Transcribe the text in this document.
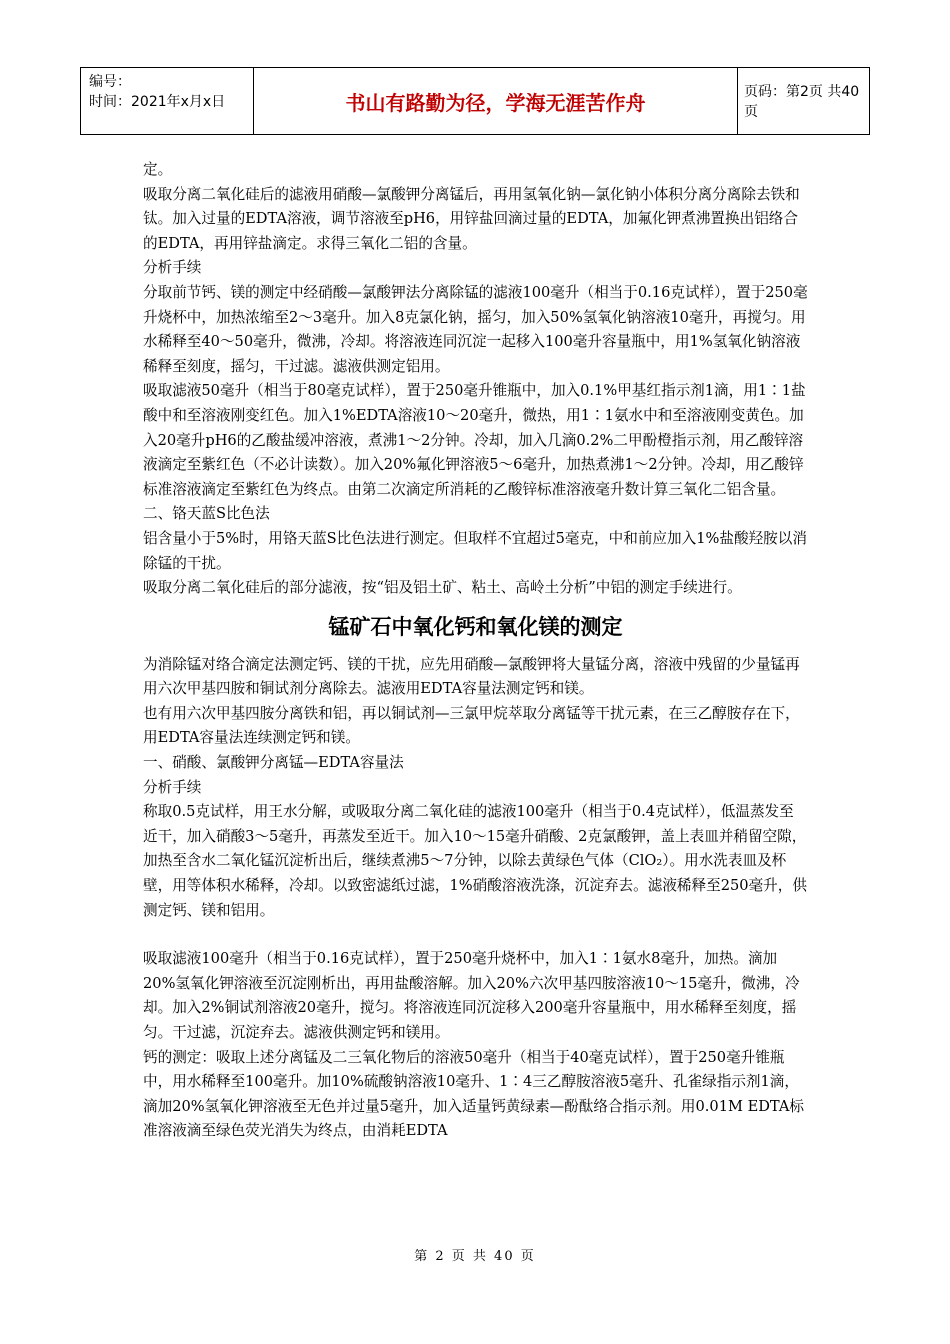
编号：
时间：2021年x月x日	书山有路勤为径，学海无涯苦作舟	页码：第2页 共40页

定。

吸取分离二氧化硅后的滤液用硝酸—氯酸钾分离锰后，再用氢氧化钠—氯化钠小体积分离分离除去铁和钛。加入过量的EDTA溶液，调节溶液至pH6，用锌盐回滴过量的EDTA，加氟化钾煮沸置换出铝络合的EDTA，再用锌盐滴定。求得三氧化二铝的含量。

分析手续

分取前节钙、镁的测定中经硝酸—氯酸钾法分离除锰的滤液100毫升（相当于0.16克试样），置于250毫升烧杯中，加热浓缩至2～3毫升。加入8克氯化钠，摇匀，加入50%氢氧化钠溶液10毫升，再搅匀。用水稀释至40～50毫升，微沸，冷却。将溶液连同沉淀一起移入100毫升容量瓶中，用1%氢氧化钠溶液稀释至刻度，摇匀，干过滤。滤液供测定铝用。

吸取滤液50毫升（相当于80毫克试样），置于250毫升锥瓶中，加入0.1%甲基红指示剂1滴，用1∶1盐酸中和至溶液刚变红色。加入1%EDTA溶液10～20毫升，微热，用1∶1氨水中和至溶液刚变黄色。加入20毫升pH6的乙酸盐缓冲溶液，煮沸1～2分钟。冷却，加入几滴0.2%二甲酚橙指示剂，用乙酸锌溶液滴定至紫红色（不必计读数）。加入20%氟化钾溶液5～6毫升，加热煮沸1～2分钟。冷却，用乙酸锌标准溶液滴定至紫红色为终点。由第二次滴定所消耗的乙酸锌标准溶液毫升数计算三氧化二铝含量。

二、铬天蓝S比色法

铝含量小于5%时，用铬天蓝S比色法进行测定。但取样不宜超过5毫克，中和前应加入1%盐酸羟胺以消除锰的干扰。

吸取分离二氧化硅后的部分滤液，按“铝及铝土矿、粘土、高岭土分析”中铝的测定手续进行。

锰矿石中氧化钙和氧化镁的测定

为消除锰对络合滴定法测定钙、镁的干扰，应先用硝酸—氯酸钾将大量锰分离，溶液中残留的少量锰再用六次甲基四胺和铜试剂分离除去。滤液用EDTA容量法测定钙和镁。

也有用六次甲基四胺分离铁和铝，再以铜试剂—三氯甲烷萃取分离锰等干扰元素，在三乙醇胺存在下，用EDTA容量法连续测定钙和镁。

一、硝酸、氯酸钾分离锰—EDTA容量法

分析手续

称取0.5克试样，用王水分解，或吸取分离二氧化硅的滤液100毫升（相当于0.4克试样），低温蒸发至近干，加入硝酸3～5毫升，再蒸发至近干。加入10～15毫升硝酸、2克氯酸钾，盖上表皿并稍留空隙，加热至含水二氧化锰沉淀析出后，继续煮沸5～7分钟，以除去黄绿色气体（ClO₂）。用水洗表皿及杯壁，用等体积水稀释，冷却。以致密滤纸过滤，1%硝酸溶液洗涤，沉淀弃去。滤液稀释至250毫升，供测定钙、镁和铝用。

吸取滤液100毫升（相当于0.16克试样），置于250毫升烧杯中，加入1∶1氨水8毫升，加热。滴加20%氢氧化钾溶液至沉淀刚析出，再用盐酸溶解。加入20%六次甲基四胺溶液10～15毫升，微沸，冷却。加入2%铜试剂溶液20毫升，搅匀。将溶液连同沉淀移入200毫升容量瓶中，用水稀释至刻度，摇匀。干过滤，沉淀弃去。滤液供测定钙和镁用。

钙的测定：吸取上述分离锰及二三氧化物后的溶液50毫升（相当于40毫克试样），置于250毫升锥瓶中，用水稀释至100毫升。加10%硫酸钠溶液10毫升、1∶4三乙醇胺溶液5毫升、孔雀绿指示剂1滴，滴加20%氢氧化钾溶液至无色并过量5毫升，加入适量钙黄绿素—酚酞络合指示剂。用0.01M EDTA标准溶液滴至绿色荧光消失为终点，由消耗EDTA

第 2 页 共 40 页
